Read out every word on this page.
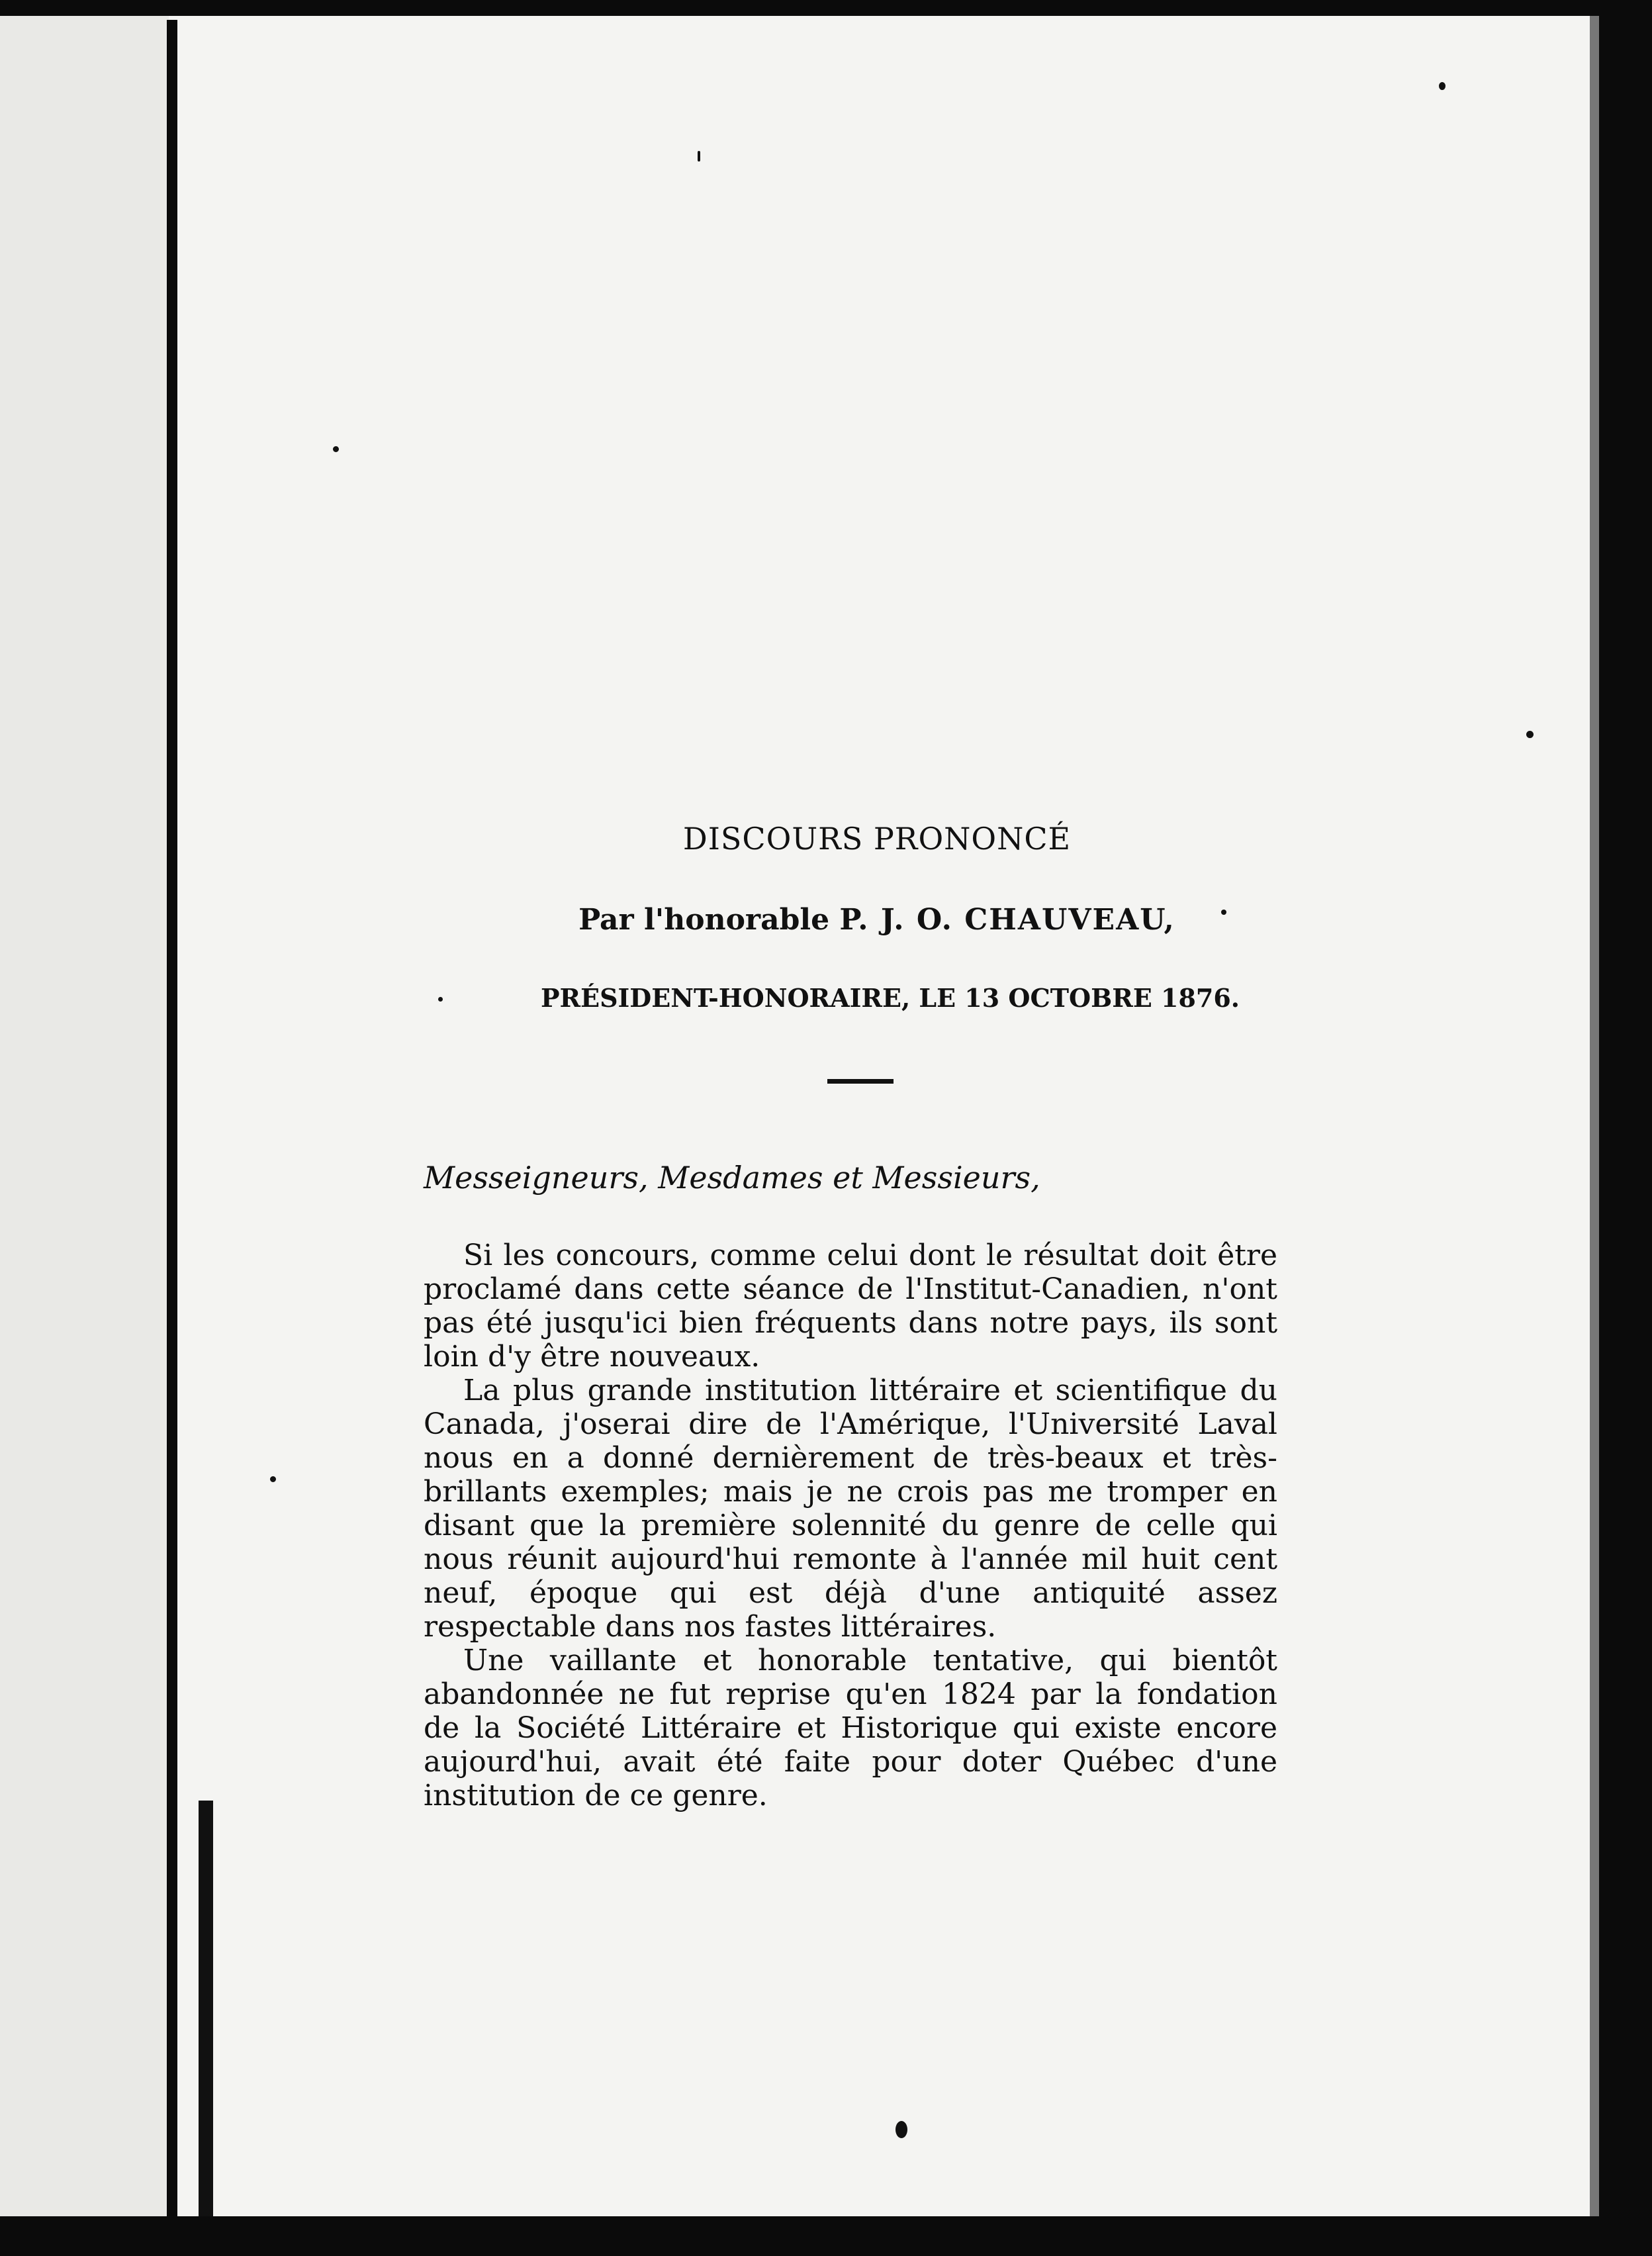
DISCOURS PRONONCÉ
Par l'honorable P. J. O. CHAUVEAU,
PRÉSIDENT-HONORAIRE, LE 13 OCTOBRE 1876.
Messeigneurs, Mesdames et Messieurs,

Si les concours, comme celui dont le résultat doit être proclamé dans cette séance de l'Institut-Canadien, n'ont pas été jusqu'ici bien fréquents dans notre pays, ils sont loin d'y être nouveaux.

La plus grande institution littéraire et scientifique du Canada, j'oserai dire de l'Amérique, l'Université Laval nous en a donné dernièrement de très-beaux et très-brillants exemples; mais je ne crois pas me tromper en disant que la première solennité du genre de celle qui nous réunit aujourd'hui remonte à l'année mil huit cent neuf, époque qui est déjà d'une antiquité assez respectable dans nos fastes littéraires.

Une vaillante et honorable tentative, qui bientôt abandonnée ne fut reprise qu'en 1824 par la fondation de la Société Littéraire et Historique qui existe encore aujourd'hui, avait été faite pour doter Québec d'une institution de ce genre.
